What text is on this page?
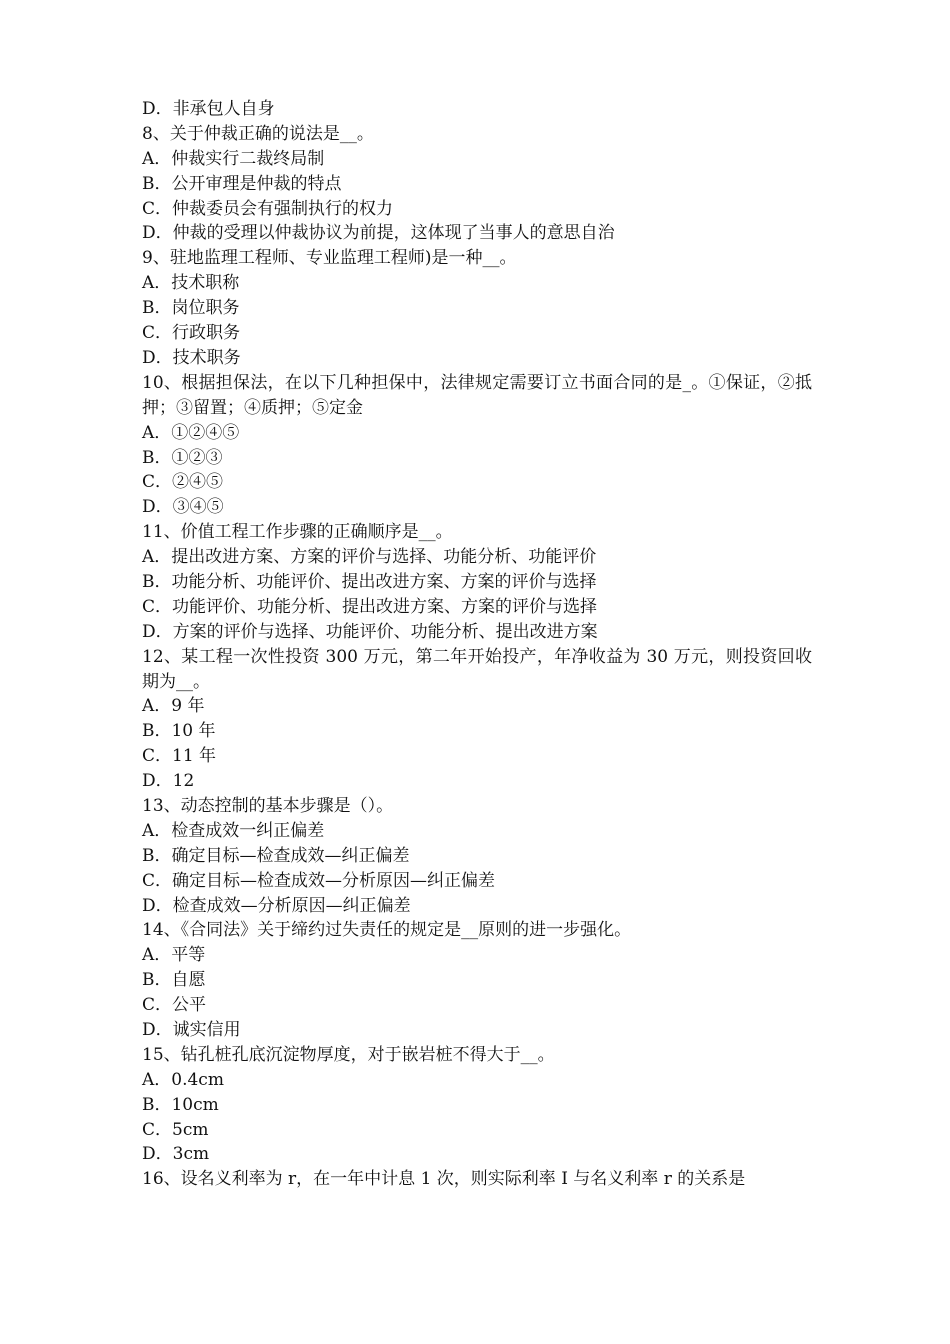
D．非承包人自身
8、关于仲裁正确的说法是__。
A．仲裁实行二裁终局制
B．公开审理是仲裁的特点
C．仲裁委员会有强制执行的权力
D．仲裁的受理以仲裁协议为前提，这体现了当事人的意思自治
9、驻地监理工程师、专业监理工程师)是一种__。
A．技术职称
B．岗位职务
C．行政职务
D．技术职务
10、根据担保法，在以下几种担保中，法律规定需要订立书面合同的是_。①保证，②抵押；③留置；④质押；⑤定金
A．①②④⑤
B．①②③
C．②④⑤
D．③④⑤
11、价值工程工作步骤的正确顺序是__。
A．提出改进方案、方案的评价与选择、功能分析、功能评价
B．功能分析、功能评价、提出改进方案、方案的评价与选择
C．功能评价、功能分析、提出改进方案、方案的评价与选择
D．方案的评价与选择、功能评价、功能分析、提出改进方案
12、某工程一次性投资 300 万元，第二年开始投产，年净收益为 30 万元，则投资回收期为__。
A．9 年
B．10 年
C．11 年
D．12
13、动态控制的基本步骤是（）。
A．检查成效一纠正偏差
B．确定目标—检查成效—纠正偏差
C．确定目标—检查成效—分析原因—纠正偏差
D．检查成效—分析原因—纠正偏差
14、《合同法》关于缔约过失责任的规定是__原则的进一步强化。
A．平等
B．自愿
C．公平
D．诚实信用
15、钻孔桩孔底沉淀物厚度，对于嵌岩桩不得大于__。
A．0.4cm
B．10cm
C．5cm
D．3cm
16、设名义利率为 r，在一年中计息 1 次，则实际利率 I 与名义利率 r 的关系是
